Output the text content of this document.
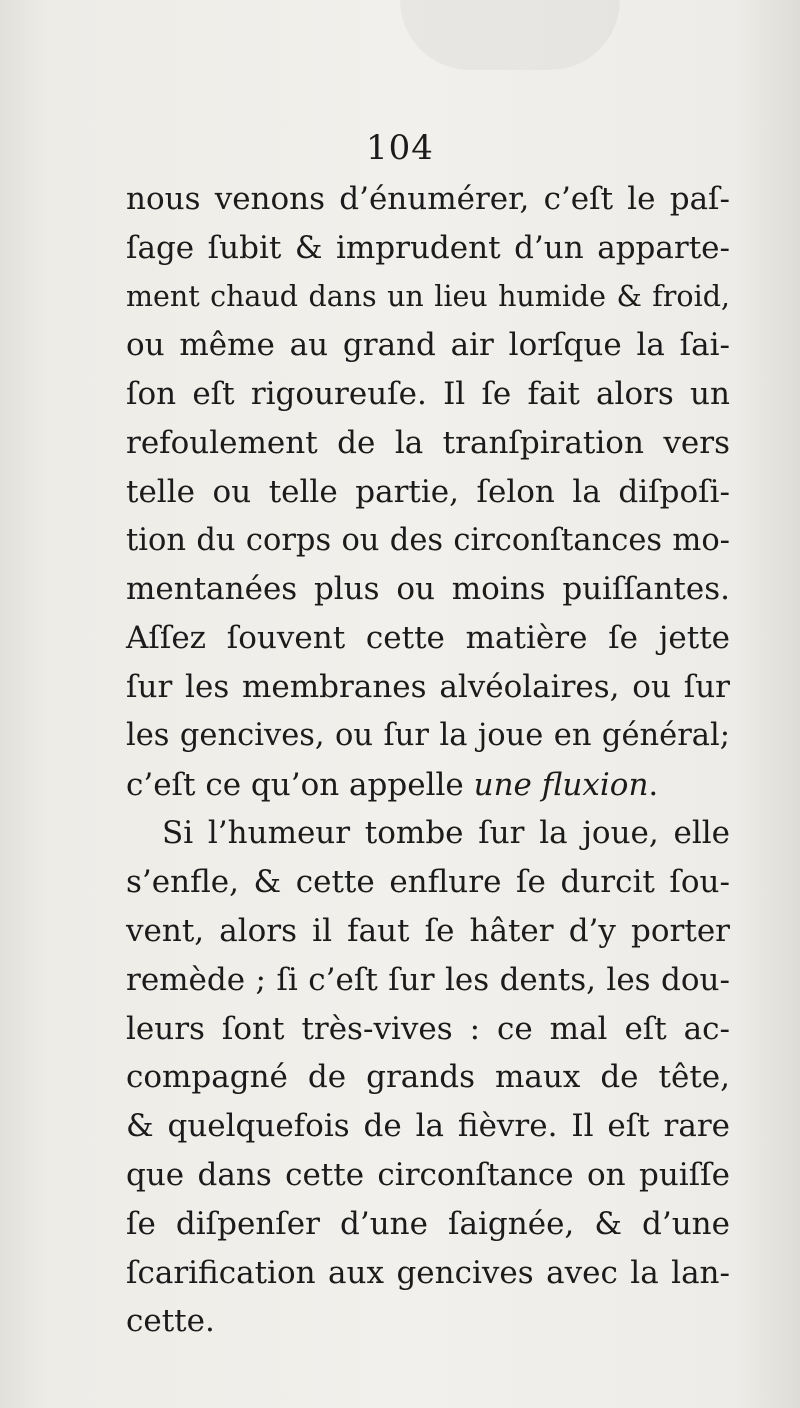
104
nous venons d’énumérer, c’eſt le paſ-
ſage ſubit & imprudent d’un apparte-
ment chaud dans un lieu humide & froid,
ou même au grand air lorſque la ſai-
ſon eſt rigoureuſe. Il ſe fait alors un
refoulement de la tranſpiration vers
telle ou telle partie, ſelon la diſpoſi-
tion du corps ou des circonſtances mo-
mentanées plus ou moins puiſſantes.
Aſſez ſouvent cette matière ſe jette
ſur les membranes alvéolaires, ou ſur
les gencives, ou ſur la joue en général;
c’eſt ce qu’on appelle une fluxion.
Si l’humeur tombe ſur la joue, elle
s’enfle, & cette enflure ſe durcit ſou-
vent, alors il faut ſe hâter d’y porter
remède ; ſi c’eſt ſur les dents, les dou-
leurs ſont très-vives : ce mal eſt ac-
compagné de grands maux de tête,
& quelquefois de la fièvre. Il eſt rare
que dans cette circonſtance on puiſſe
ſe diſpenſer d’une ſaignée, & d’une
ſcarification aux gencives avec la lan-
cette.
